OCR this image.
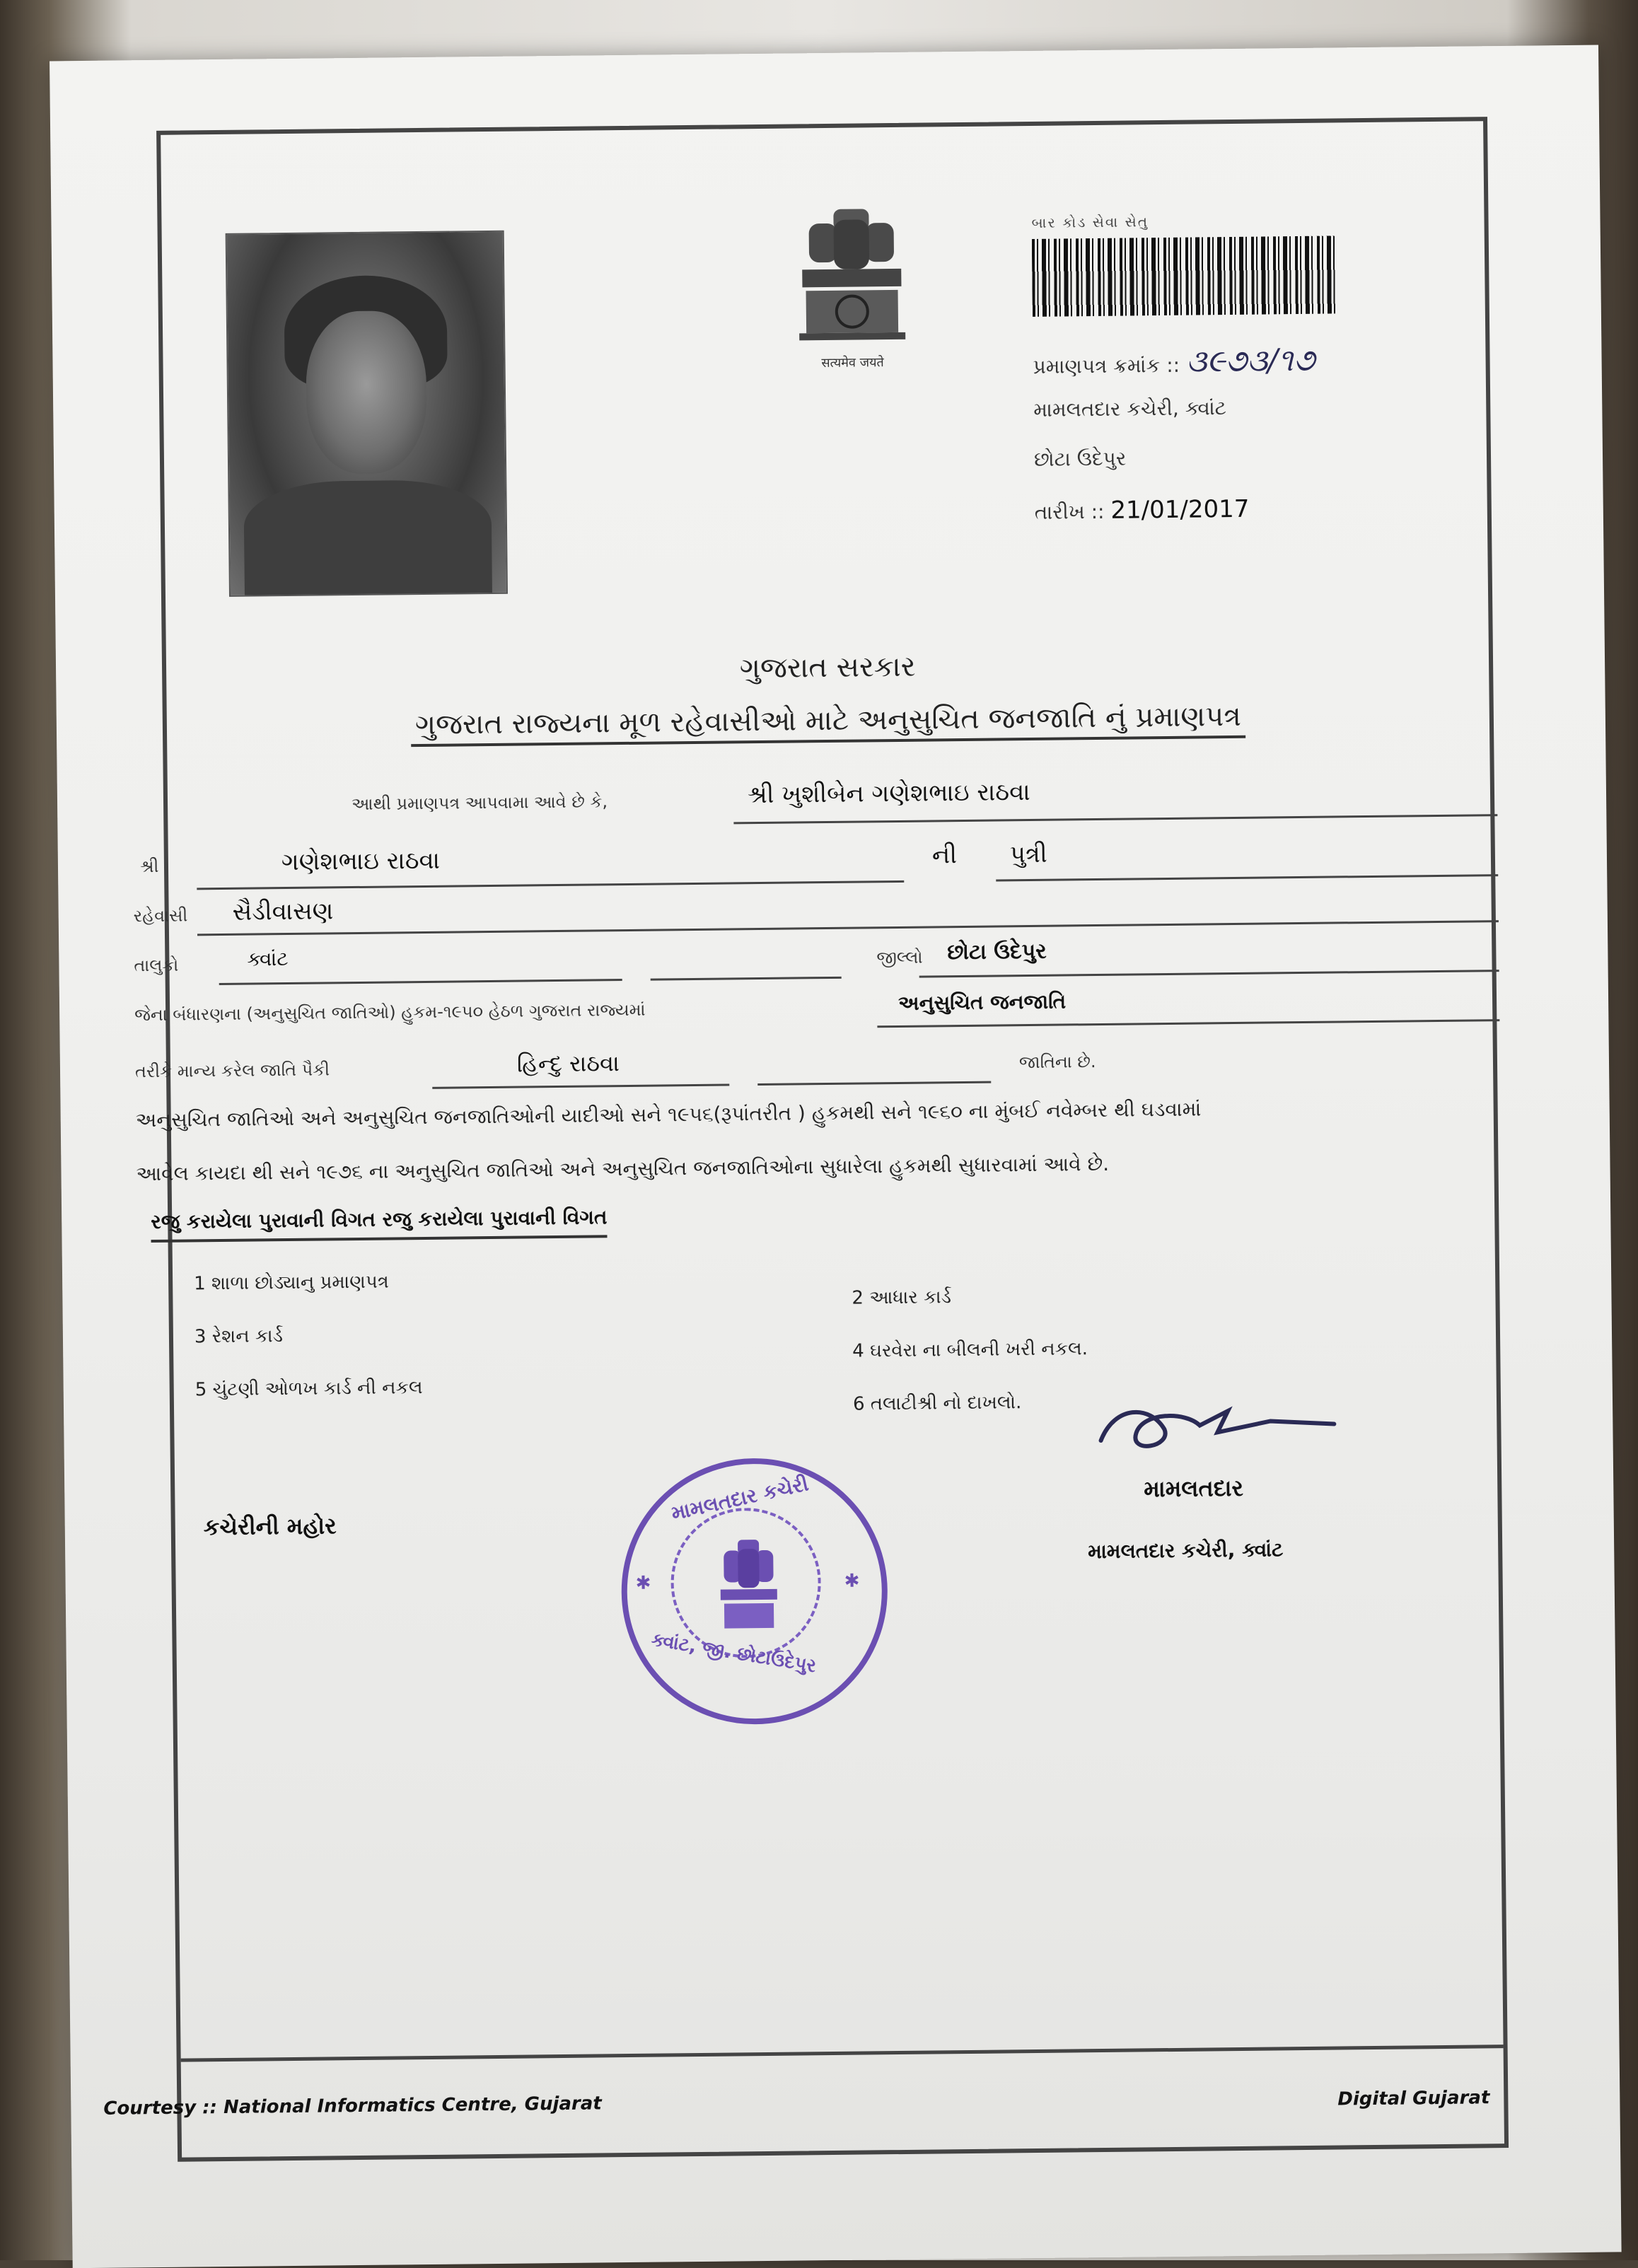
सत्यमेव जयते
બાર કોડ સેવા સેતુ
પ્રમાણપત્ર ક્રમાંક :: ૩૯૭૩/૧૭
મામલતદાર કચેરી, ક્વાંટ
છોટા ઉદેપુર
તારીખ :: 21/01/2017
ગુજરાત સરકાર
ગુજરાત રાજ્યના મૂળ રહેવાસીઓ માટે અનુસુચિત જનજાતિ નું પ્રમાણપત્ર
આથી પ્રમાણપત્ર આપવામા આવે છે કે,	શ્રી ખુશીબેન ગણેશભાઇ રાઠવા
શ્રી	ગણેશભાઇ રાઠવા	ની પુત્રી
રહેવાસી સૈડીવાસણ
તાલુકો	ક્વાંટ	જીલ્લો છોટા ઉદેપુર
જેના બંધારણના (અનુસુચિત જાતિઓ) હુકમ-૧૯૫૦ હેઠળ ગુજરાત રાજ્યમાં	અનુસુચિત જનજાતિ
તરીકે માન્ય કરેલ જાતિ પૈકી	હિન્દુ રાઠવા	જાતિના છે.
અનુસુચિત જાતિઓ અને અનુસુચિત જનજાતિઓની યાદીઓ સને ૧૯૫૬(રૂપાંતરીત ) હુકમથી સને ૧૯૬૦ ના મુંબઈ નવેમ્બર થી ઘડવામાં
આવેલ કાયદા થી સને ૧૯૭૬ ના અનુસુચિત જાતિઓ અને અનુસુચિત જનજાતિઓના સુધારેલા હુકમથી સુધારવામાં આવે છે.
રજુ કરાયેલા પુરાવાની વિગત રજુ કરાયેલા પુરાવાની વિગત
1 શાળા છોડ્યાનુ પ્રમાણપત્ર
3 રેશન કાર્ડ
5 ચુંટણી ઓળખ કાર્ડ ની નકલ
2 આધાર કાર્ડ
4 ઘરવેરા ના બીલની ખરી નકલ.
6 તલાટીશ્રી નો દાખલો.
કચેરીની મહોર
મામલતદાર કચેરી
ક્વાંટ, જી. છોટાઉદેપુર
✱	✱
મામલતદાર
મામલતદાર કચેરી, ક્વાંટ
Courtesy :: National Informatics Centre, Gujarat	Digital Gujarat
